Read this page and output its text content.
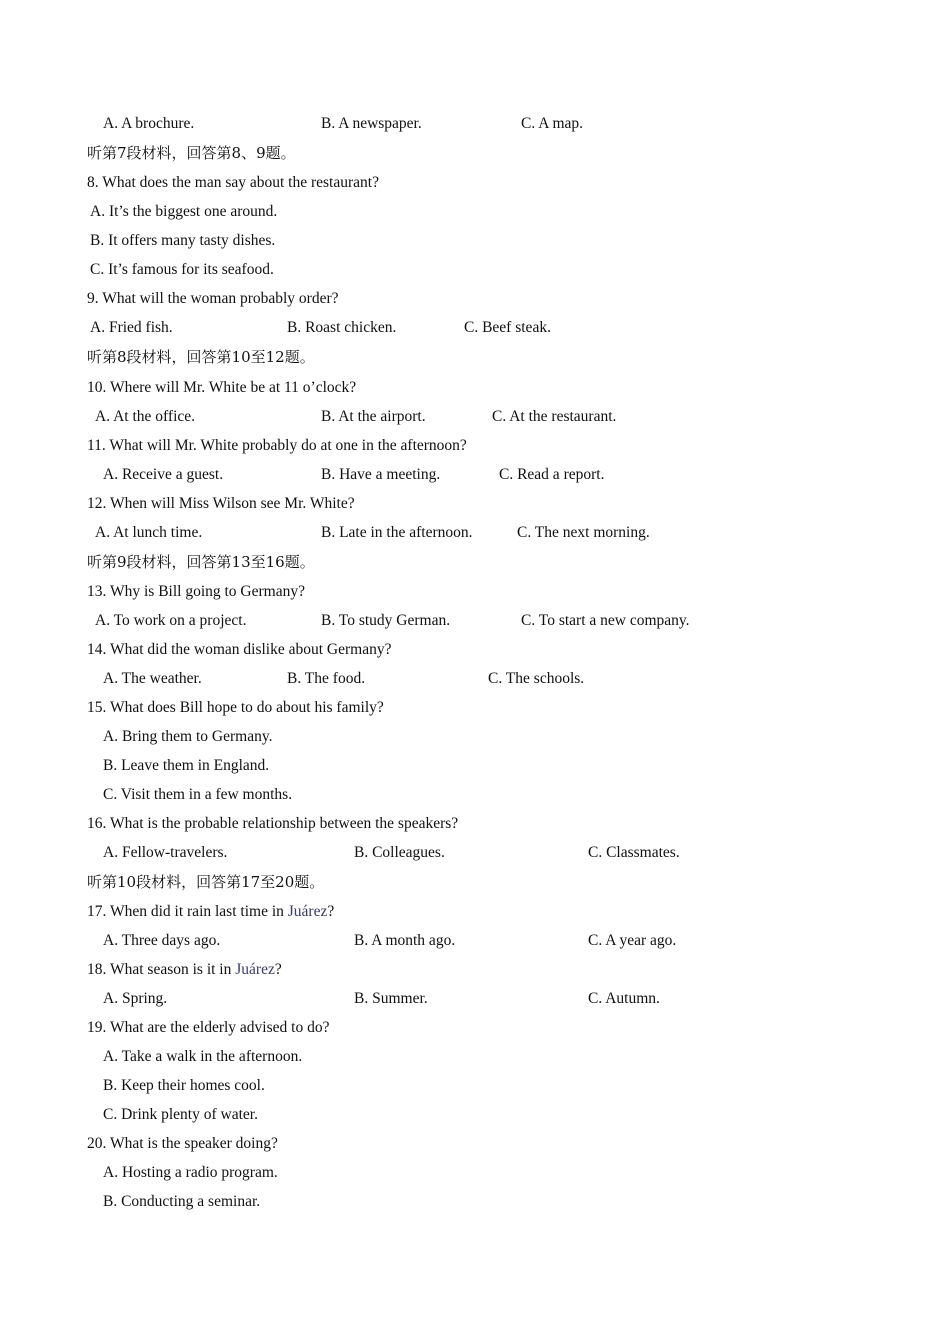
A. A brochure.	B. A newspaper.	C. A map.
听第7段材料，回答第8、9题。
8. What does the man say about the restaurant?
A. It’s the biggest one around.
B. It offers many tasty dishes.
C. It’s famous for its seafood.
9. What will the woman probably order?
A. Fried fish.	B. Roast chicken.	C. Beef steak.
听第8段材料，回答第10至12题。
10. Where will Mr. White be at 11 o’clock?
A. At the office.	B. At the airport.	C. At the restaurant.
11. What will Mr. White probably do at one in the afternoon?
A. Receive a guest.	B. Have a meeting.	C. Read a report.
12. When will Miss Wilson see Mr. White?
A. At lunch time.	B. Late in the afternoon.	C. The next morning.
听第9段材料，回答第13至16题。
13. Why is Bill going to Germany?
A. To work on a project.	B. To study German.	C. To start a new company.
14. What did the woman dislike about Germany?
A. The weather.	B. The food.	C. The schools.
15. What does Bill hope to do about his family?
A. Bring them to Germany.
B. Leave them in England.
C. Visit them in a few months.
16. What is the probable relationship between the speakers?
A. Fellow-travelers.	B. Colleagues.	C. Classmates.
听第10段材料，回答第17至20题。
17. When did it rain last time in Juárez?
A. Three days ago.	B. A month ago.	C. A year ago.
18. What season is it in Juárez?
A. Spring.	B. Summer.	C. Autumn.
19. What are the elderly advised to do?
A. Take a walk in the afternoon.
B. Keep their homes cool.
C. Drink plenty of water.
20. What is the speaker doing?
A. Hosting a radio program.
B. Conducting a seminar.
